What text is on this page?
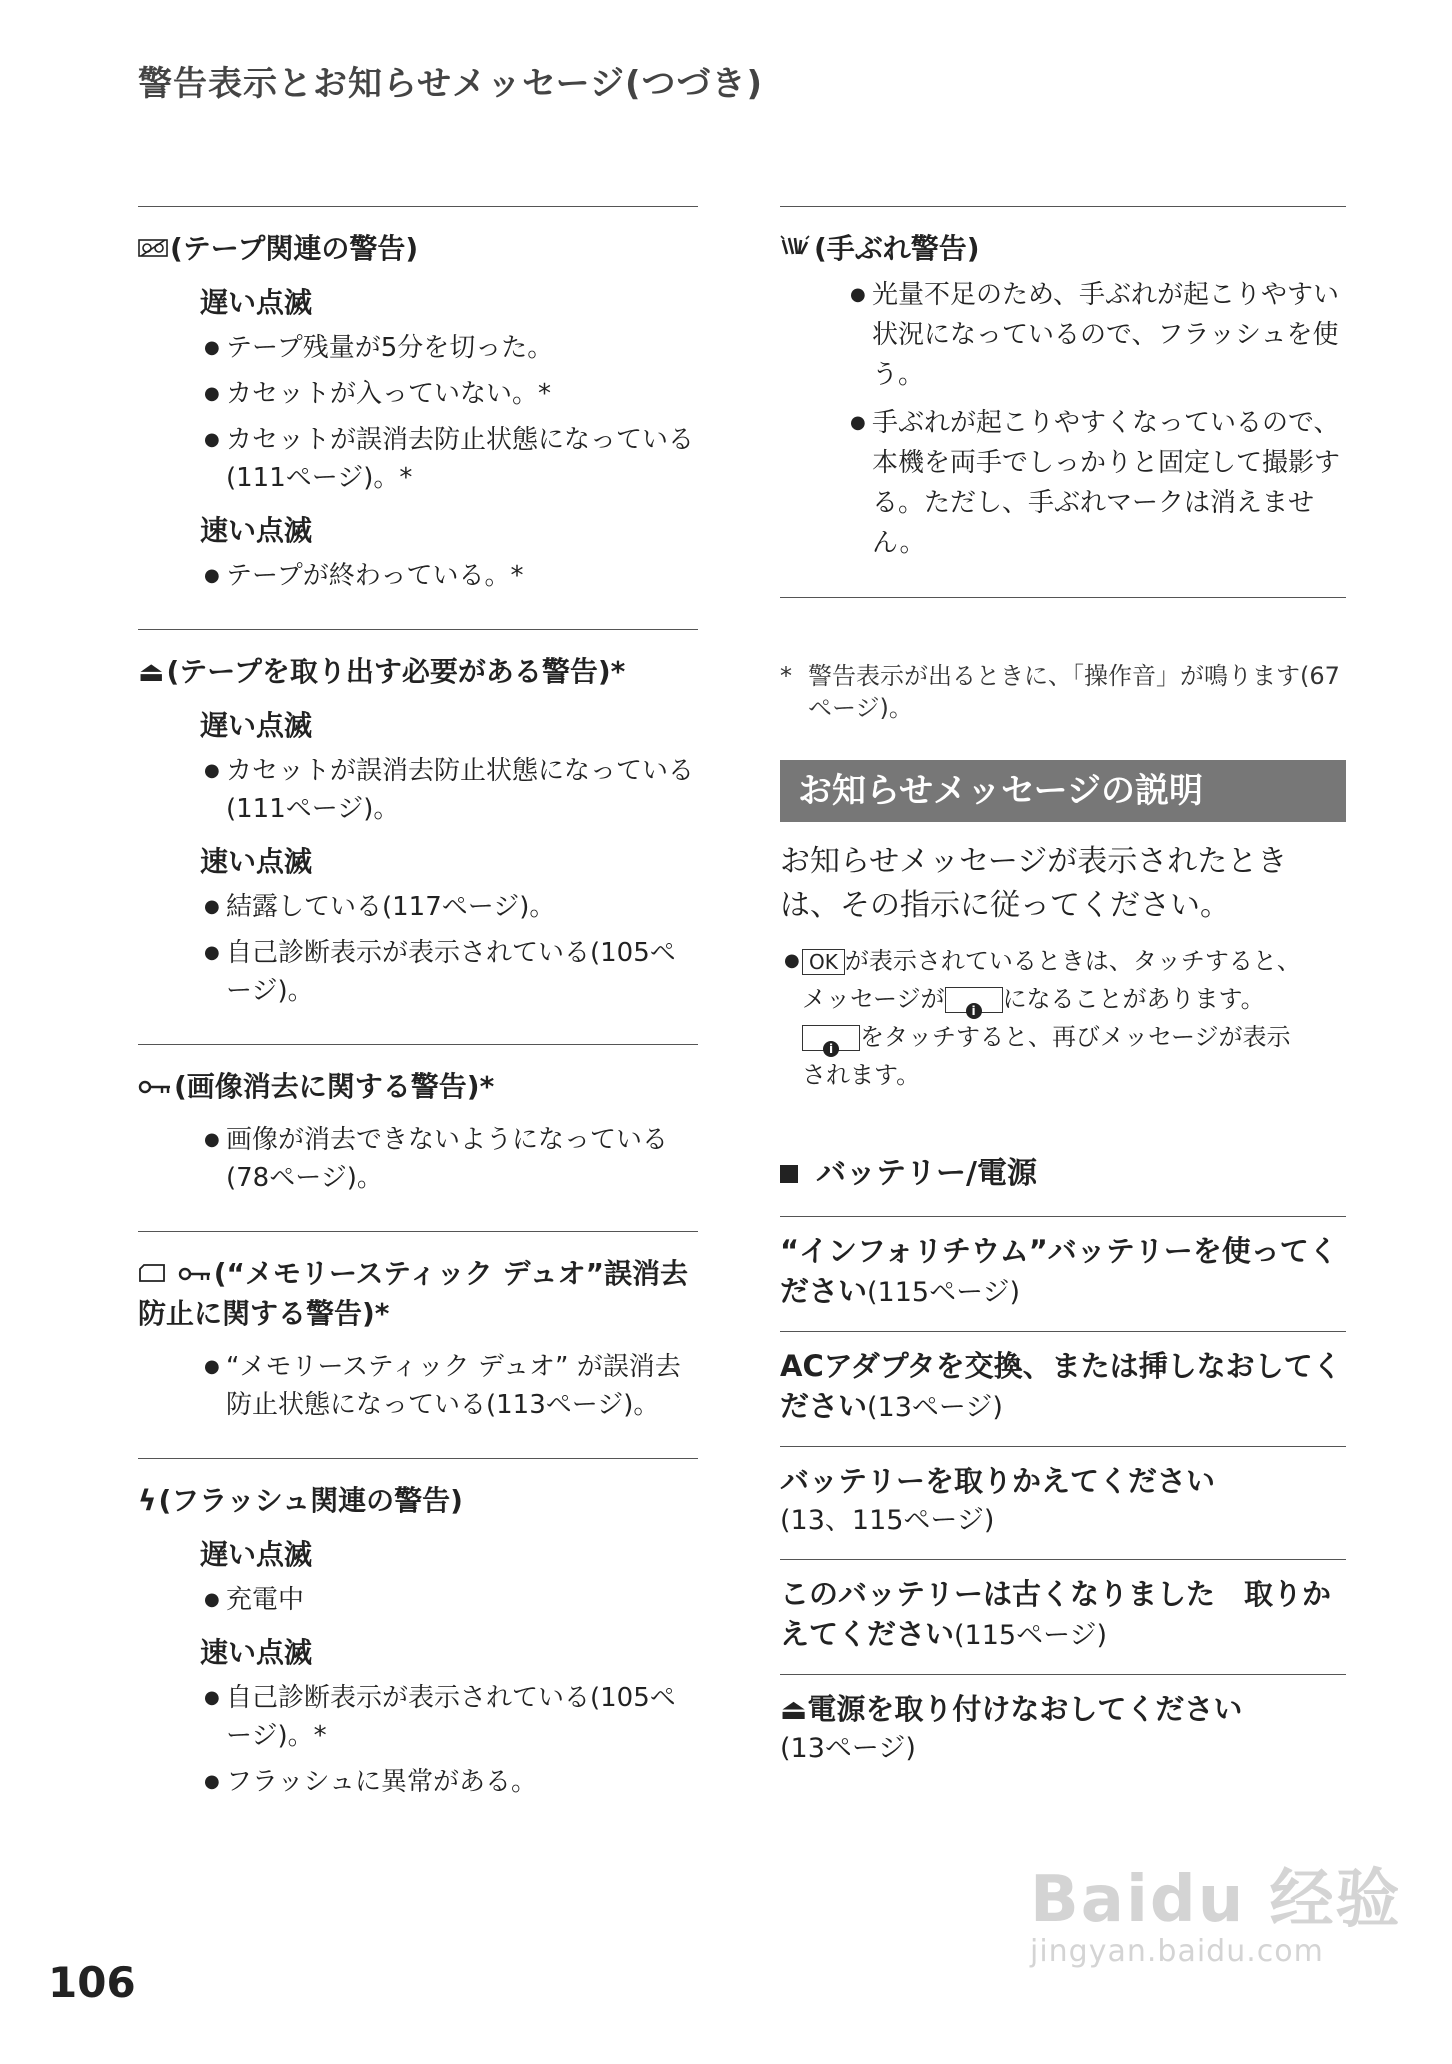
警告表示とお知らせメッセージ(つづき)
(テープ関連の警告)
遅い点滅
● テープ残量が5分を切った。
● カセットが入っていない。*
● カセットが誤消去防止状態になっている(111ページ)。*
速い点滅
● テープが終わっている。*
⏏(テープを取り出す必要がある警告)*
遅い点滅
● カセットが誤消去防止状態になっている(111ページ)。
速い点滅
● 結露している(117ページ)。
● 自己診断表示が表示されている(105ページ)。
(画像消去に関する警告)*
● 画像が消去できないようになっている(78ページ)。
(“メモリースティック デュオ”誤消去防止に関する警告)*
● “メモリースティック デュオ” が誤消去防止状態になっている(113ページ)。
ϟ(フラッシュ関連の警告)
遅い点滅
● 充電中
速い点滅
● 自己診断表示が表示されている(105ページ)。*
● フラッシュに異常がある。
(手ぶれ警告)
● 光量不足のため、手ぶれが起こりやすい状況になっているので、フラッシュを使う。
● 手ぶれが起こりやすくなっているので、本機を両手でしっかりと固定して撮影する。ただし、手ぶれマークは消えません。
* 警告表示が出るときに、「操作音」が鳴ります(67 ページ)。
お知らせメッセージの説明
お知らせメッセージが表示されたときは、その指示に従ってください。
● OK が表示されているときは、タッチすると、
メッセージが i になることがあります。
i をタッチすると、再びメッセージが表示
されます。
バッテリー/電源
“インフォリチウム”バッテリーを使ってください(115ページ)
ACアダプタを交換、または挿しなおしてください(13ページ)
バッテリーを取りかえてください
(13、115ページ)
このバッテリーは古くなりました　取りかえてください(115ページ)
⏏電源を取り付けなおしてください
(13ページ)
106
Baidu 经验
jingyan.baidu.com
